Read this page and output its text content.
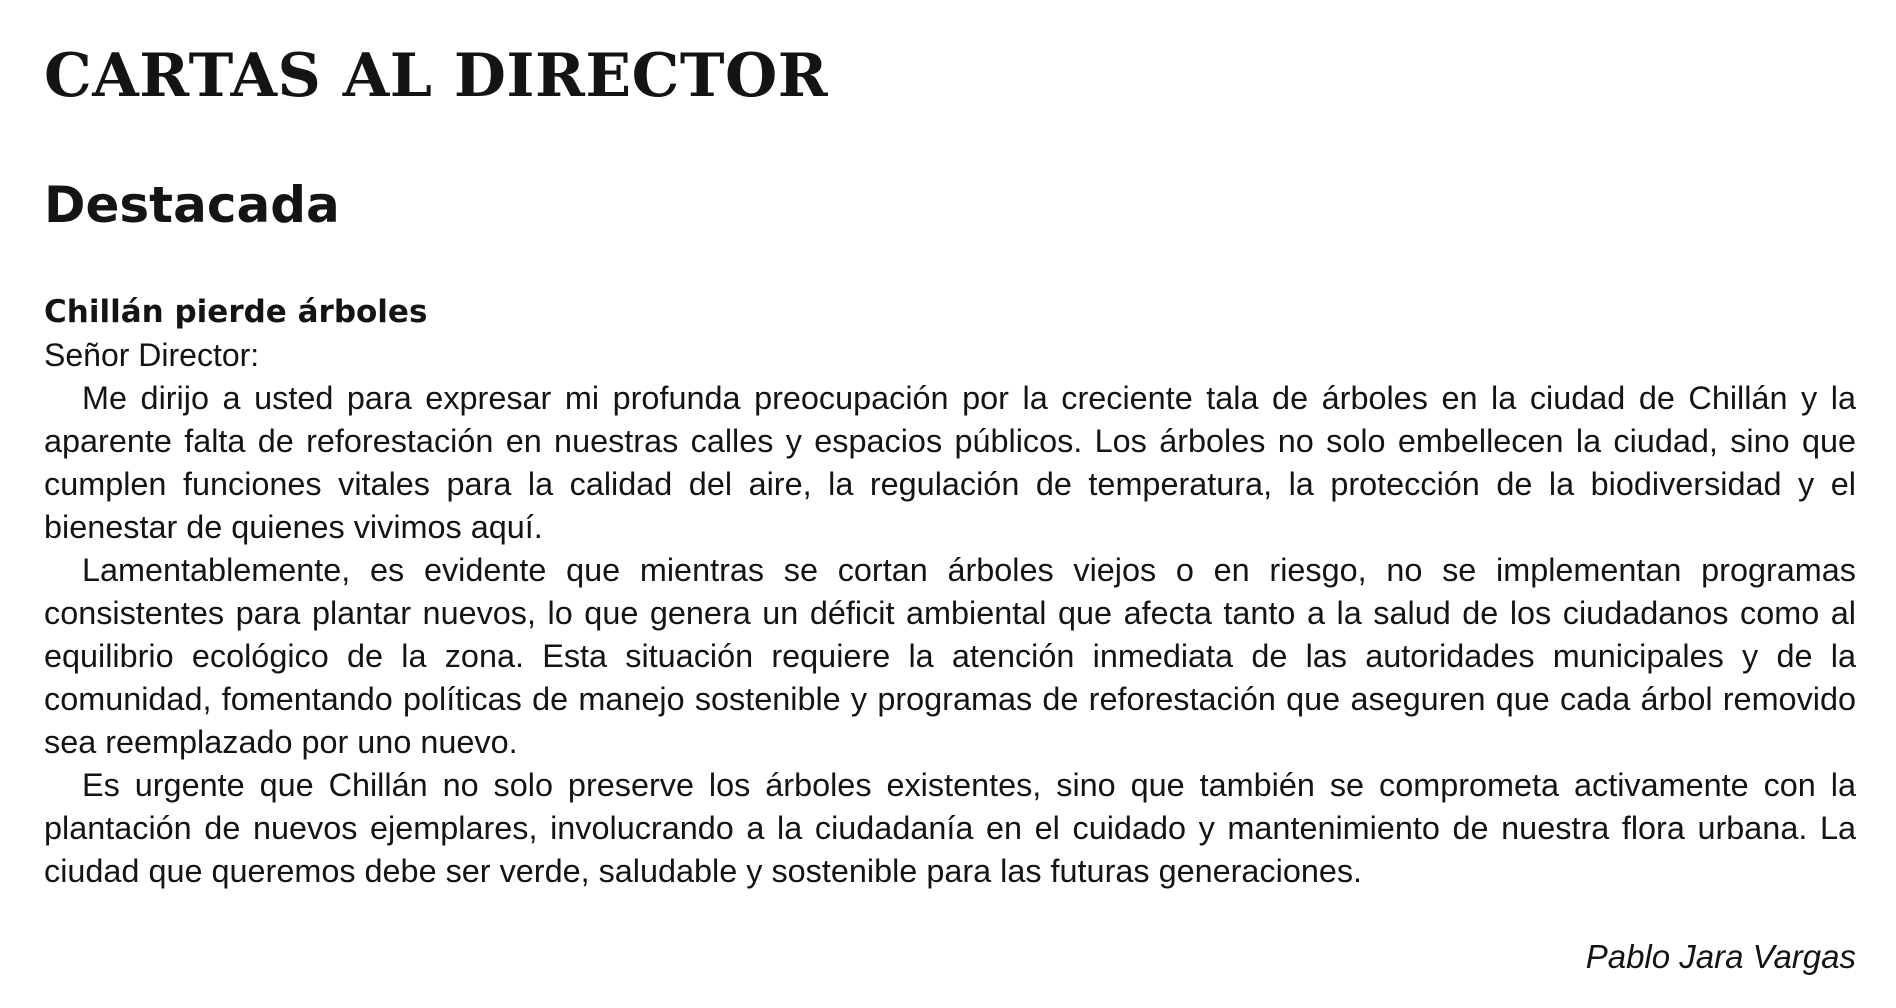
CARTAS AL DIRECTOR
Destacada
Chillán pierde árboles

Señor Director:

Me dirijo a usted para expresar mi profunda preocupación por la creciente tala de árboles en la ciudad de Chillán y la aparente falta de reforestación en nuestras calles y espacios públicos. Los árboles no solo embellecen la ciudad, sino que cumplen funciones vitales para la calidad del aire, la regulación de temperatura, la protección de la biodiversidad y el bienestar de quienes vivimos aquí.

Lamentablemente, es evidente que mientras se cortan árboles viejos o en riesgo, no se implementan programas consistentes para plantar nuevos, lo que genera un déficit ambiental que afecta tanto a la salud de los ciudadanos como al equilibrio ecológico de la zona. Esta situación requiere la atención inmediata de las autoridades municipales y de la comunidad, fomentando políticas de manejo sostenible y programas de reforestación que aseguren que cada árbol removido sea reemplazado por uno nuevo.

Es urgente que Chillán no solo preserve los árboles existentes, sino que también se comprometa activamente con la plantación de nuevos ejemplares, involucrando a la ciudadanía en el cuidado y mantenimiento de nuestra flora urbana. La ciudad que queremos debe ser verde, saludable y sostenible para las futuras generaciones.

Pablo Jara Vargas
